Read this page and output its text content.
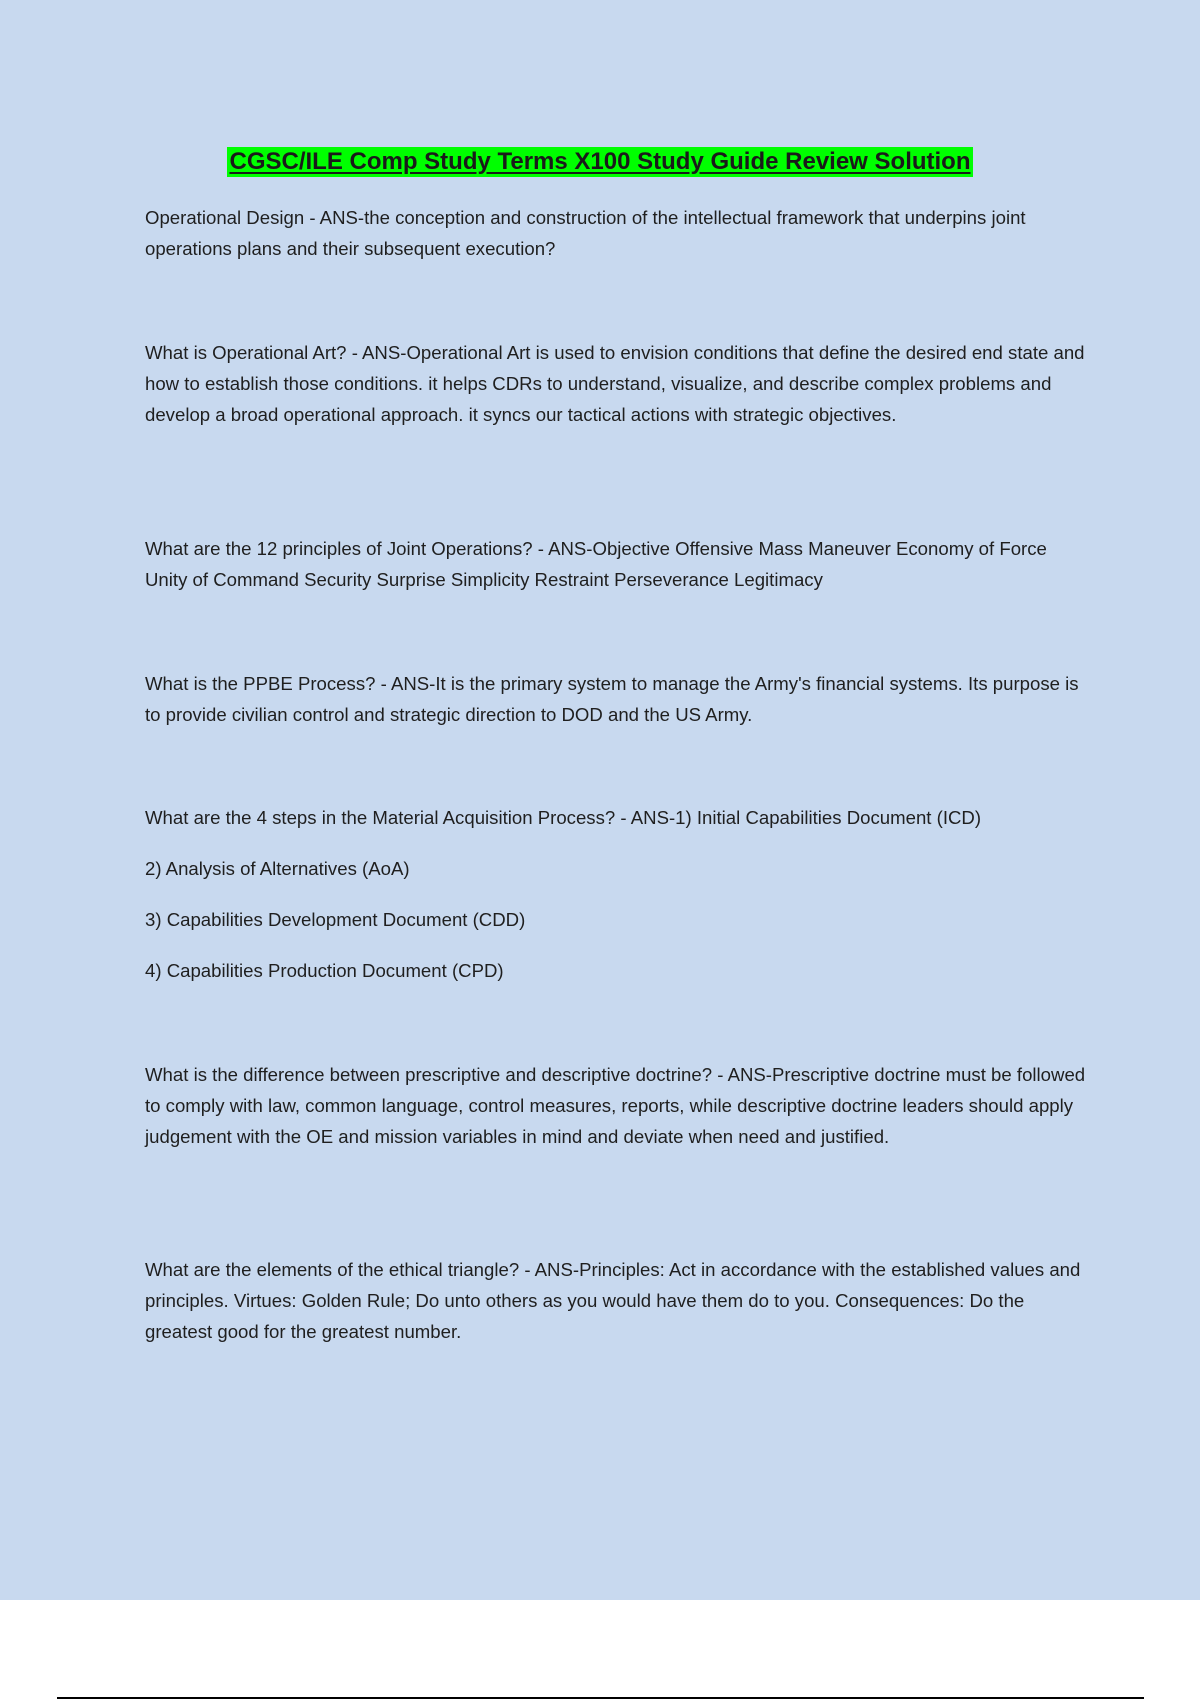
CGSC/ILE Comp Study Terms X100 Study Guide Review Solution

Operational Design - ANS-the conception and construction of the intellectual framework that underpins joint operations plans and their subsequent execution?

What is Operational Art? - ANS-Operational Art is used to envision conditions that define the desired end state and how to establish those conditions. it helps CDRs to understand, visualize, and describe complex problems and develop a broad operational approach. it syncs our tactical actions with strategic objectives.

What are the 12 principles of Joint Operations? - ANS-Objective Offensive Mass Maneuver Economy of Force Unity of Command Security Surprise Simplicity Restraint Perseverance Legitimacy

What is the PPBE Process? - ANS-It is the primary system to manage the Army's financial systems. Its purpose is to provide civilian control and strategic direction to DOD and the US Army.

What are the 4 steps in the Material Acquisition Process? - ANS-1) Initial Capabilities Document (ICD)

2) Analysis of Alternatives (AoA)

3) Capabilities Development Document (CDD)

4) Capabilities Production Document (CPD)

What is the difference between prescriptive and descriptive doctrine? - ANS-Prescriptive doctrine must be followed to comply with law, common language, control measures, reports, while descriptive doctrine leaders should apply judgement with the OE and mission variables in mind and deviate when need and justified.

What are the elements of the ethical triangle? - ANS-Principles: Act in accordance with the established values and principles. Virtues: Golden Rule; Do unto others as you would have them do to you. Consequences: Do the greatest good for the greatest number.
